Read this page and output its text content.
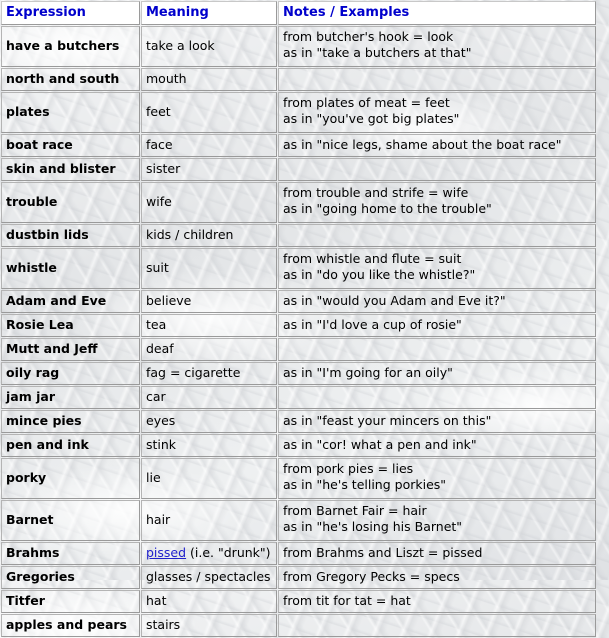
Expression	Meaning	Notes / Examples

have a butchers	take a look	from butcher's hook = look
as in "take a butchers at that"

north and south	mouth	

plates	feet	from plates of meat = feet
as in "you've got big plates"

boat race	face	as in "nice legs, shame about the boat race"

skin and blister	sister	

trouble	wife	from trouble and strife = wife
as in "going home to the trouble"

dustbin lids	kids / children	

whistle	suit	from whistle and flute = suit
as in "do you like the whistle?"

Adam and Eve	believe	as in "would you Adam and Eve it?"

Rosie Lea	tea	as in "I'd love a cup of rosie"

Mutt and Jeff	deaf	
oily rag	fag = cigarette	as in "I'm going for an oily"

jam jar	car	
mince pies	eyes	as in "feast your mincers on this"

pen and ink	stink	as in "cor! what a pen and ink"

porky	lie	from pork pies = lies
as in "he's telling porkies"

Barnet	hair	from Barnet Fair = hair
as in "he's losing his Barnet"

Brahms	pissed (i.e. "drunk")	from Brahms and Liszt = pissed

Gregories	glasses / spectacles	from Gregory Pecks = specs

Titfer	hat	from tit for tat = hat

apples and pears	stairs	
